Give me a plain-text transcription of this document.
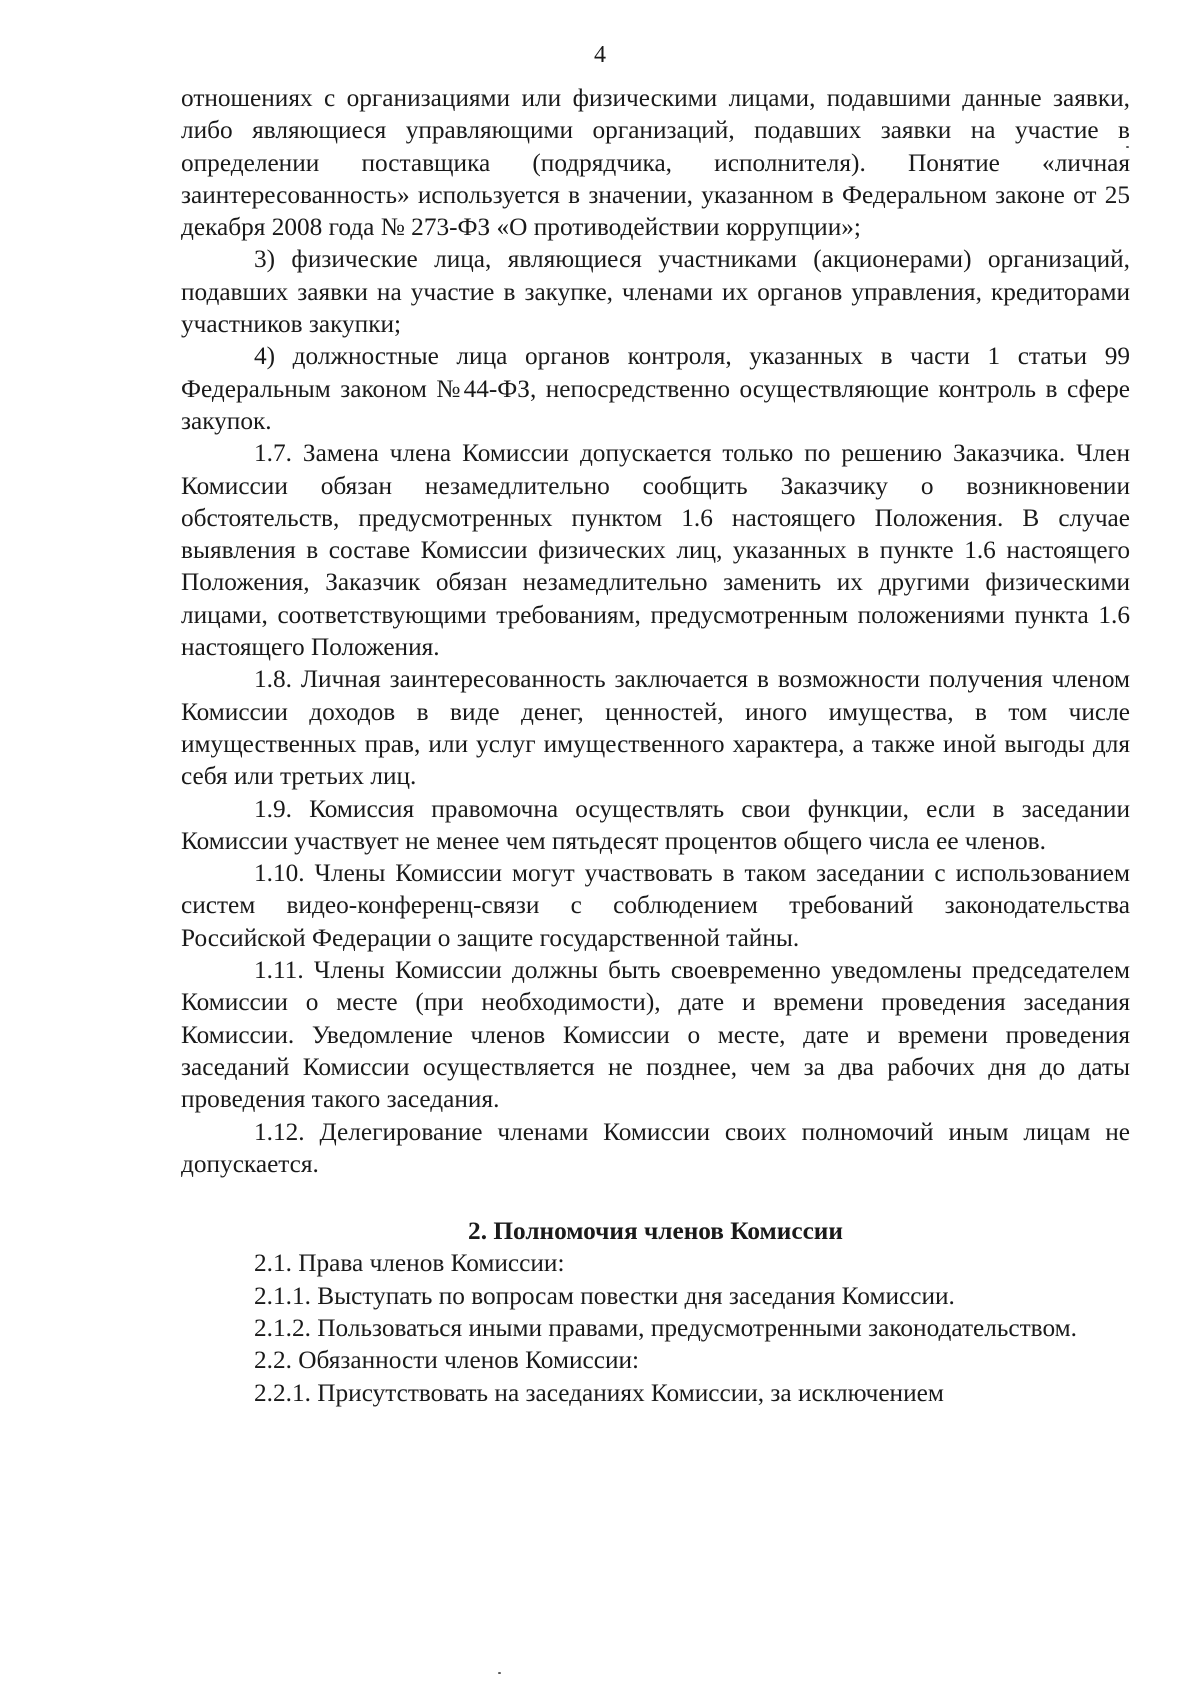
4

отношениях с организациями или физическими лицами, подавшими данные заявки, либо являющиеся управляющими организаций, подавших заявки на участие в определении поставщика (подрядчика, исполнителя). Понятие «личная заинтересованность» используется в значении, указанном в Федеральном законе от 25 декабря 2008 года № 273-ФЗ «О противодействии коррупции»;

3) физические лица, являющиеся участниками (акционерами) организаций, подавших заявки на участие в закупке, членами их органов управления, кредиторами участников закупки;

4) должностные лица органов контроля, указанных в части 1 статьи 99 Федеральным законом №44-ФЗ, непосредственно осуществляющие контроль в сфере закупок.

1.7. Замена члена Комиссии допускается только по решению Заказчика. Член Комиссии обязан незамедлительно сообщить Заказчику о возникновении обстоятельств, предусмотренных пунктом 1.6 настоящего Положения. В случае выявления в составе Комиссии физических лиц, указанных в пункте 1.6 настоящего Положения, Заказчик обязан незамедлительно заменить их другими физическими лицами, соответствующими требованиям, предусмотренным положениями пункта 1.6 настоящего Положения.

1.8. Личная заинтересованность заключается в возможности получения членом Комиссии доходов в виде денег, ценностей, иного имущества, в том числе имущественных прав, или услуг имущественного характера, а также иной выгоды для себя или третьих лиц.

1.9. Комиссия правомочна осуществлять свои функции, если в заседании Комиссии участвует не менее чем пятьдесят процентов общего числа ее членов.

1.10. Члены Комиссии могут участвовать в таком заседании с использованием систем видео-конференц-связи с соблюдением требований законодательства Российской Федерации о защите государственной тайны.

1.11. Члены Комиссии должны быть своевременно уведомлены председателем Комиссии о месте (при необходимости), дате и времени проведения заседания Комиссии. Уведомление членов Комиссии о месте, дате и времени проведения заседаний Комиссии осуществляется не позднее, чем за два рабочих дня до даты проведения такого заседания.

1.12. Делегирование членами Комиссии своих полномочий иным лицам не допускается.

2. Полномочия членов Комиссии

2.1. Права членов Комиссии:

2.1.1. Выступать по вопросам повестки дня заседания Комиссии.

2.1.2. Пользоваться иными правами, предусмотренными законодательством.

2.2. Обязанности членов Комиссии:

2.2.1. Присутствовать на заседаниях Комиссии, за исключением
